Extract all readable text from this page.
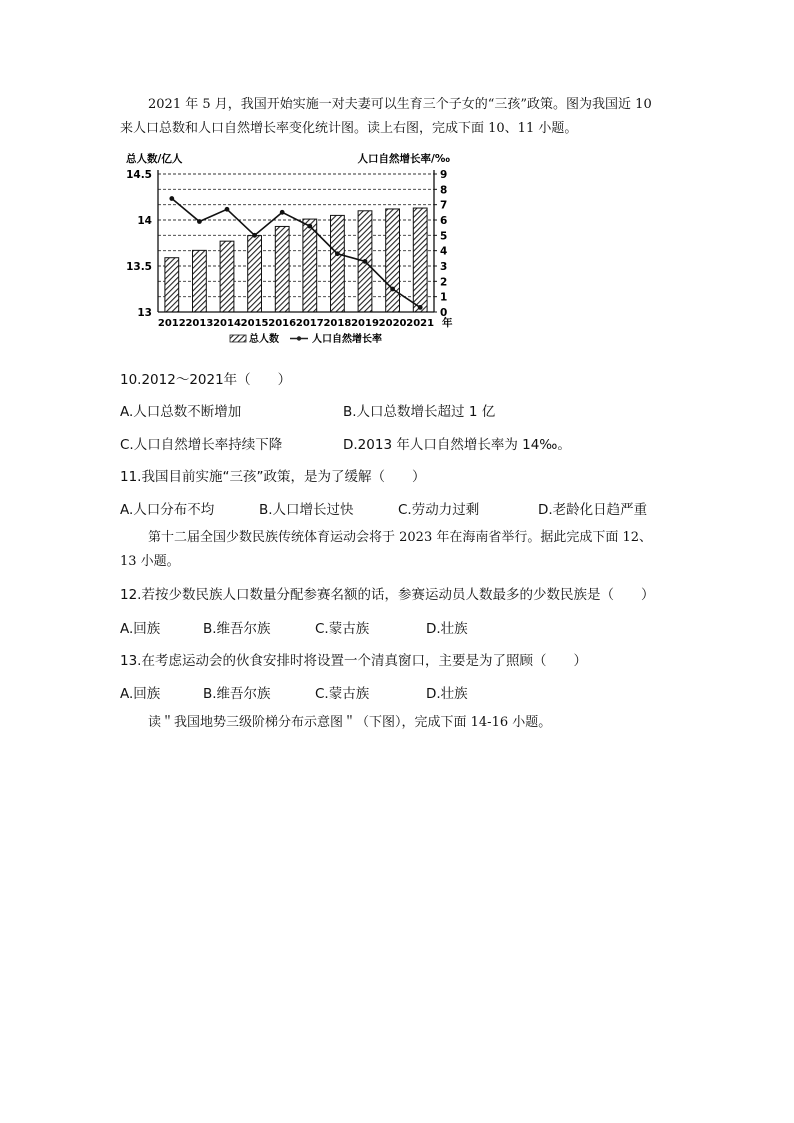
2021 年 5 月，我国开始实施一对夫妻可以生育三个子女的“三孩”政策。图为我国近 10

来人口总数和人口自然增长率变化统计图。读上右图，完成下面 10、11 小题。

13
13.5
14
14.5
0
1
2
3
4
5
6
7
8
9
2012 2013 2014 2015 2016 2017 2018 2019 2020 2021 年
总人数/亿人	人口自然增长率/‰
总人数	人口自然增长率

10.2012～2021年（　　）

A.人口总数不断增加	B.人口总数增长超过 1 亿

C.人口自然增长率持续下降	D.2013 年人口自然增长率为 14‰。

11.我国目前实施“三孩”政策，是为了缓解（　　）

A.人口分布不均	B.人口增长过快	C.劳动力过剩	D.老龄化日趋严重

第十二届全国少数民族传统体育运动会将于 2023 年在海南省举行。据此完成下面 12、

13 小题。

12.若按少数民族人口数量分配参赛名额的话，参赛运动员人数最多的少数民族是（　　）

A.回族	B.维吾尔族	C.蒙古族	D.壮族

13.在考虑运动会的伙食安排时将设置一个清真窗口，主要是为了照顾（　　）

A.回族	B.维吾尔族	C.蒙古族	D.壮族

读＂我国地势三级阶梯分布示意图＂（下图），完成下面 14-16 小题。
